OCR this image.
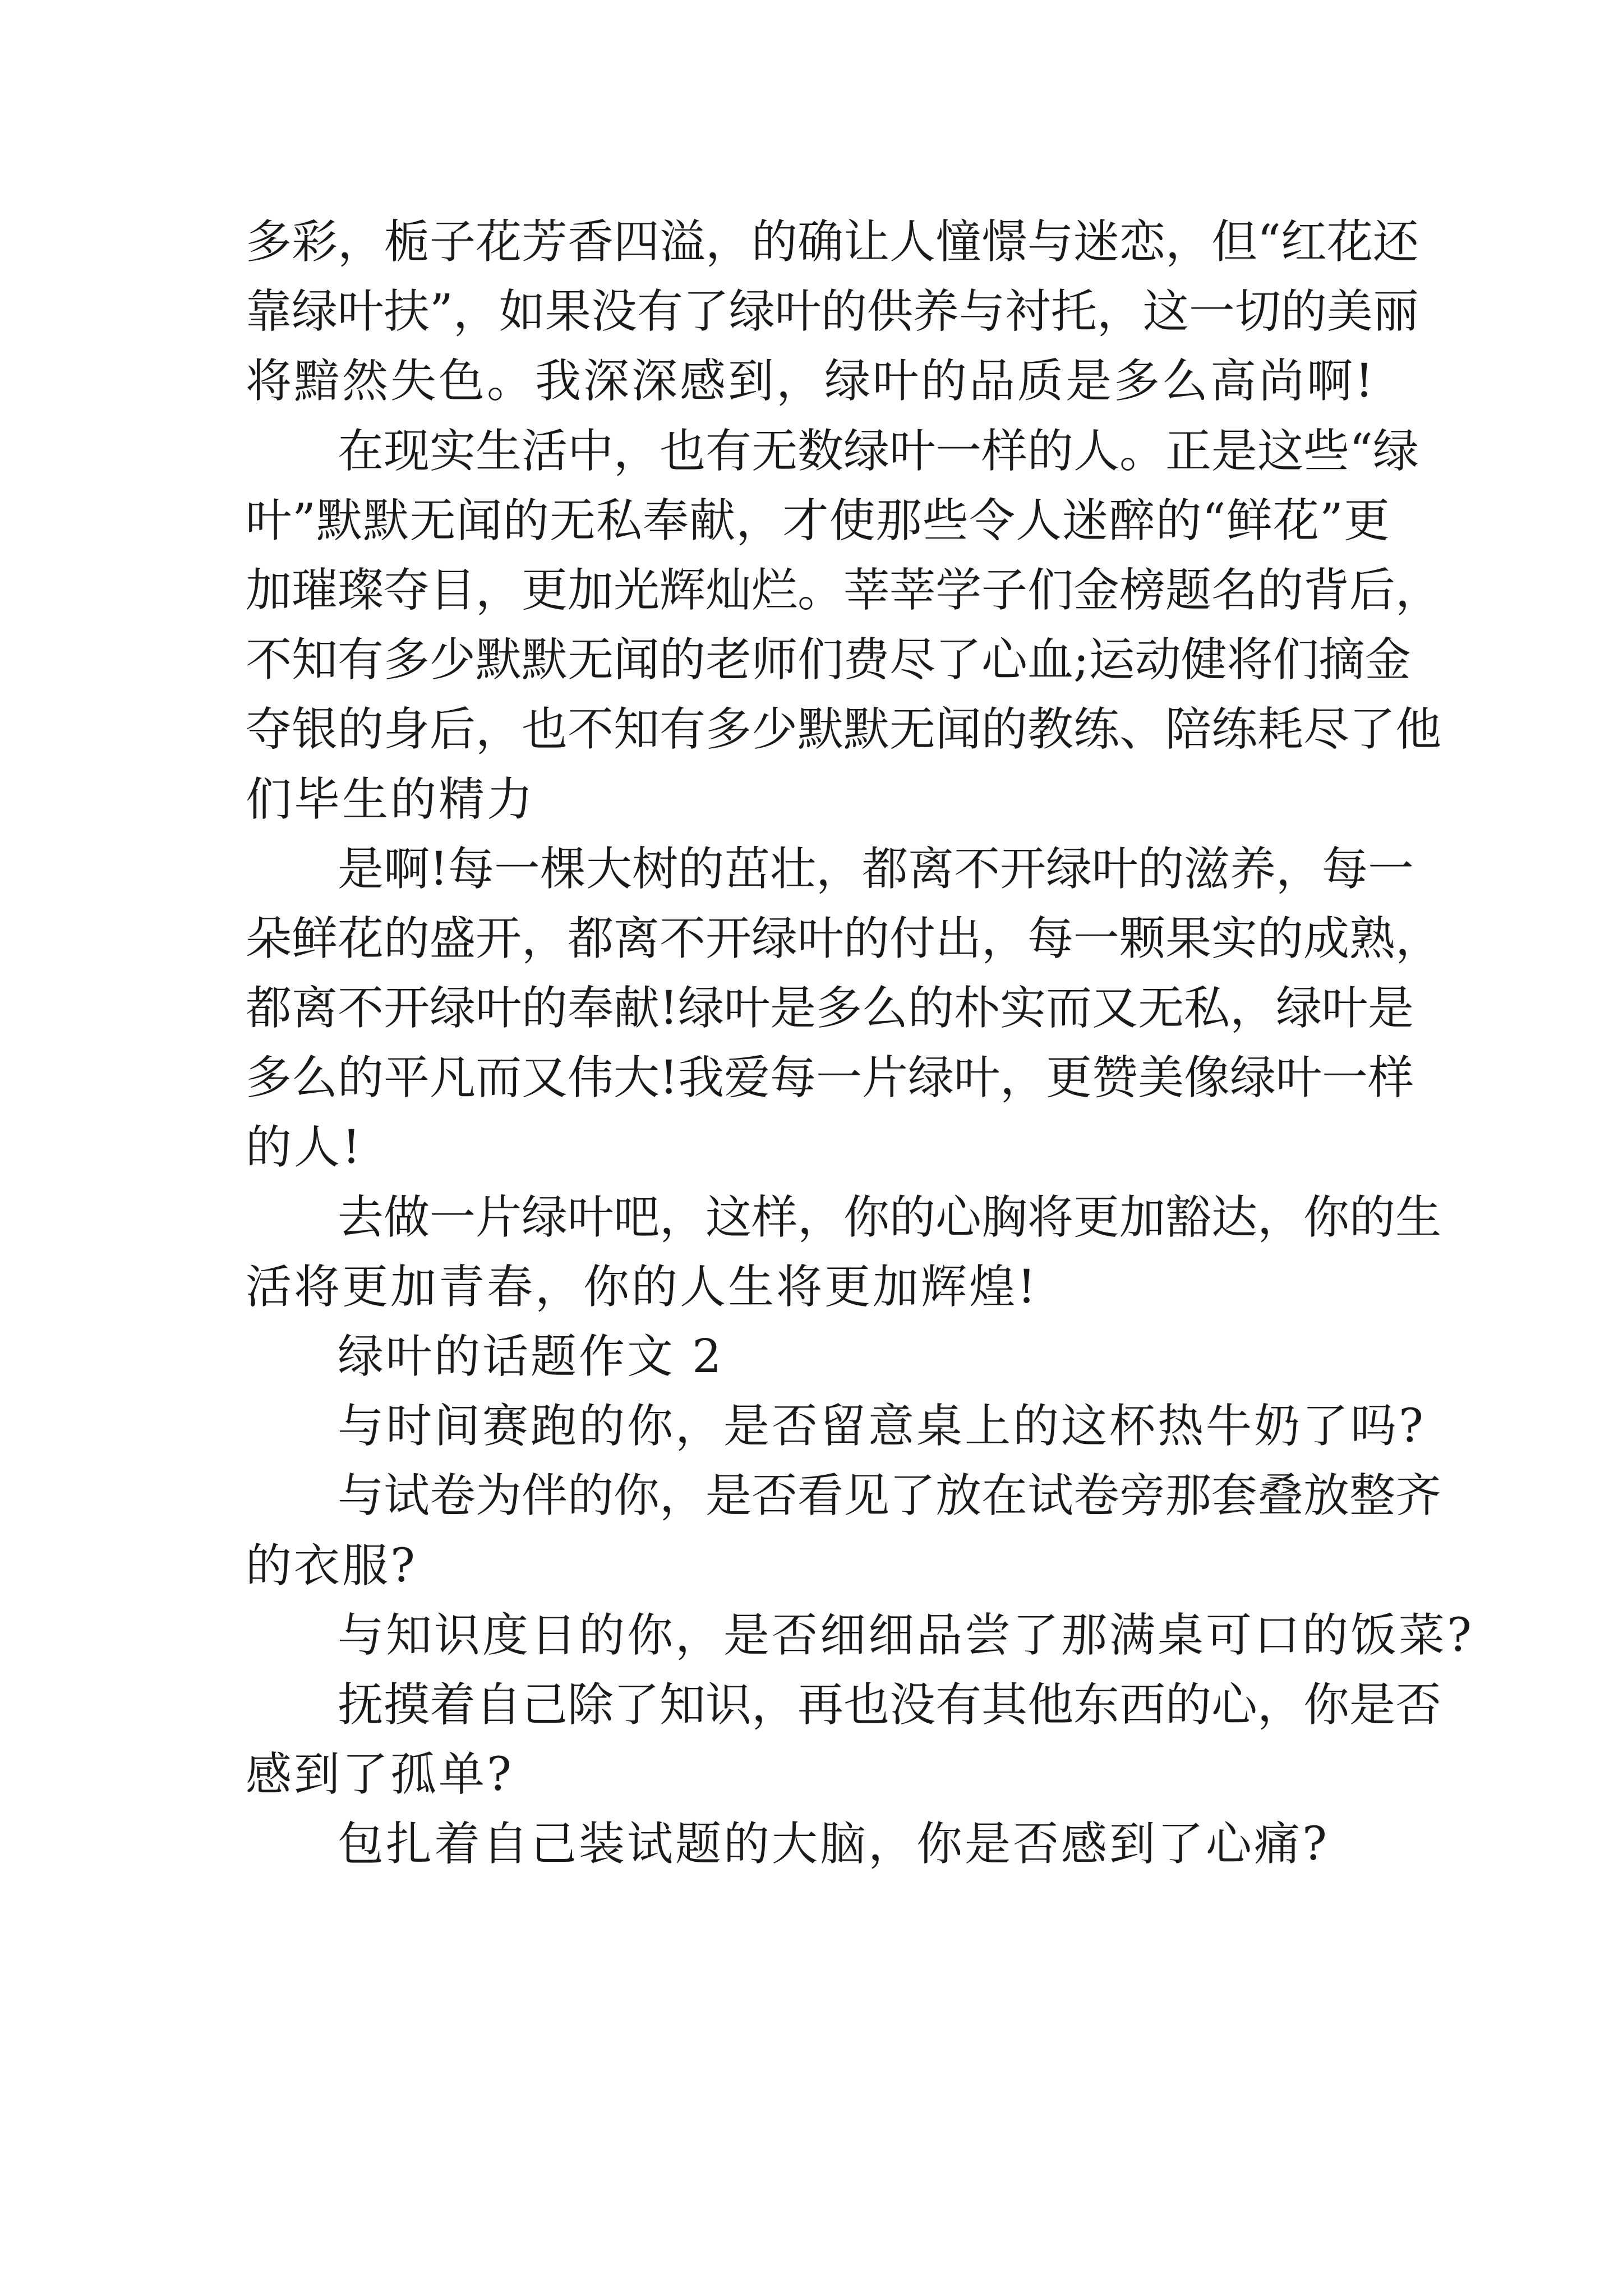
多彩，栀子花芳香四溢，的确让人憧憬与迷恋，但“红花还
靠绿叶扶”，如果没有了绿叶的供养与衬托，这一切的美丽
将黯然失色。我深深感到，绿叶的品质是多么高尚啊!
在现实生活中，也有无数绿叶一样的人。正是这些“绿
叶”默默无闻的无私奉献，才使那些令人迷醉的“鲜花”更
加璀璨夺目，更加光辉灿烂。莘莘学子们金榜题名的背后，
不知有多少默默无闻的老师们费尽了心血;运动健将们摘金
夺银的身后，也不知有多少默默无闻的教练、陪练耗尽了他
们毕生的精力
是啊!每一棵大树的茁壮，都离不开绿叶的滋养，每一
朵鲜花的盛开，都离不开绿叶的付出，每一颗果实的成熟，
都离不开绿叶的奉献!绿叶是多么的朴实而又无私，绿叶是
多么的平凡而又伟大!我爱每一片绿叶，更赞美像绿叶一样
的人!
去做一片绿叶吧，这样，你的心胸将更加豁达，你的生
活将更加青春，你的人生将更加辉煌!
绿叶的话题作文 2
与时间赛跑的你，是否留意桌上的这杯热牛奶了吗?
与试卷为伴的你，是否看见了放在试卷旁那套叠放整齐
的衣服?
与知识度日的你，是否细细品尝了那满桌可口的饭菜?
抚摸着自己除了知识，再也没有其他东西的心，你是否
感到了孤单?
包扎着自己装试题的大脑，你是否感到了心痛?
